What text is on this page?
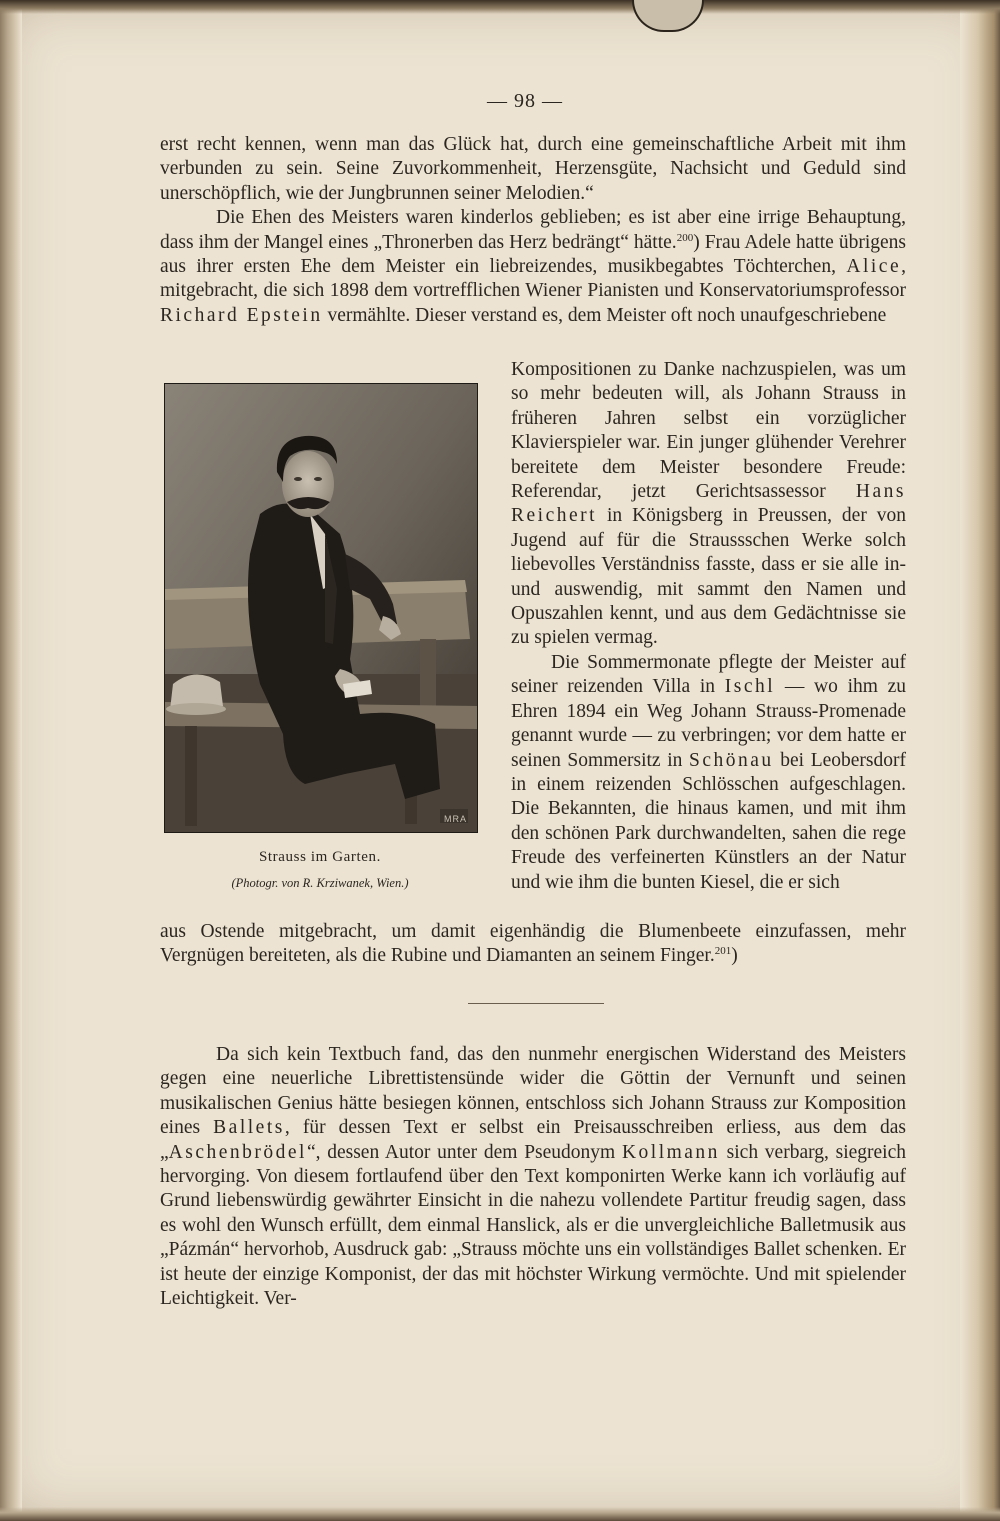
— 98 —

erst recht kennen, wenn man das Glück hat, durch eine gemeinschaftliche Arbeit mit ihm verbunden zu sein. Seine Zuvorkommenheit, Herzensgüte, Nachsicht und Geduld sind unerschöpflich, wie der Jungbrunnen seiner Melodien.“

Die Ehen des Meisters waren kinderlos geblieben; es ist aber eine irrige Behauptung, dass ihm der Mangel eines „Thronerben das Herz bedrängt“ hätte.$^{200}$) Frau Adele hatte übrigens aus ihrer ersten Ehe dem Meister ein liebreizendes, musikbegabtes Töchterchen, Alice, mitgebracht, die sich 1898 dem vortrefflichen Wiener Pianisten und Konservatoriumsprofessor Richard Epstein vermählte. Dieser verstand es, dem Meister oft noch unaufgeschriebene

MRA
Strauss im Garten.
(Photogr. von R. Krziwanek, Wien.)

Kompositionen zu Danke nachzuspielen, was um so mehr bedeuten will, als Johann Strauss in früheren Jahren selbst ein vorzüglicher Klavierspieler war. Ein junger glühender Verehrer bereitete dem Meister besondere Freude: Referendar, jetzt Gerichtsassessor Hans Reichert in Königsberg in Preussen, der von Jugend auf für die Straussschen Werke solch liebevolles Verständniss fasste, dass er sie alle in- und auswendig, mit sammt den Namen und Opuszahlen kennt, und aus dem Gedächtnisse sie zu spielen vermag.

Die Sommermonate pflegte der Meister auf seiner reizenden Villa in Ischl — wo ihm zu Ehren 1894 ein Weg Johann Strauss-Promenade genannt wurde — zu verbringen; vor dem hatte er seinen Sommersitz in Schönau bei Leobersdorf in einem reizenden Schlösschen aufgeschlagen. Die Bekannten, die hinaus kamen, und mit ihm den schönen Park durchwandelten, sahen die rege Freude des verfeinerten Künstlers an der Natur und wie ihm die bunten Kiesel, die er sich

aus Ostende mitgebracht, um damit eigenhändig die Blumenbeete einzufassen, mehr Vergnügen bereiteten, als die Rubine und Diamanten an seinem Finger.$^{201}$)

Da sich kein Textbuch fand, das den nunmehr energischen Widerstand des Meisters gegen eine neuerliche Librettistensünde wider die Göttin der Vernunft und seinen musikalischen Genius hätte besiegen können, entschloss sich Johann Strauss zur Komposition eines Ballets, für dessen Text er selbst ein Preisausschreiben erliess, aus dem das „Aschenbrödel“, dessen Autor unter dem Pseudonym Kollmann sich verbarg, siegreich hervorging. Von diesem fortlaufend über den Text komponirten Werke kann ich vorläufig auf Grund liebenswürdig gewährter Einsicht in die nahezu vollendete Partitur freudig sagen, dass es wohl den Wunsch erfüllt, dem einmal Hanslick, als er die unvergleichliche Balletmusik aus „Pázmán“ hervorhob, Ausdruck gab: „Strauss möchte uns ein vollständiges Ballet schenken. Er ist heute der einzige Komponist, der das mit höchster Wirkung vermöchte. Und mit spielender Leichtigkeit. Ver-
